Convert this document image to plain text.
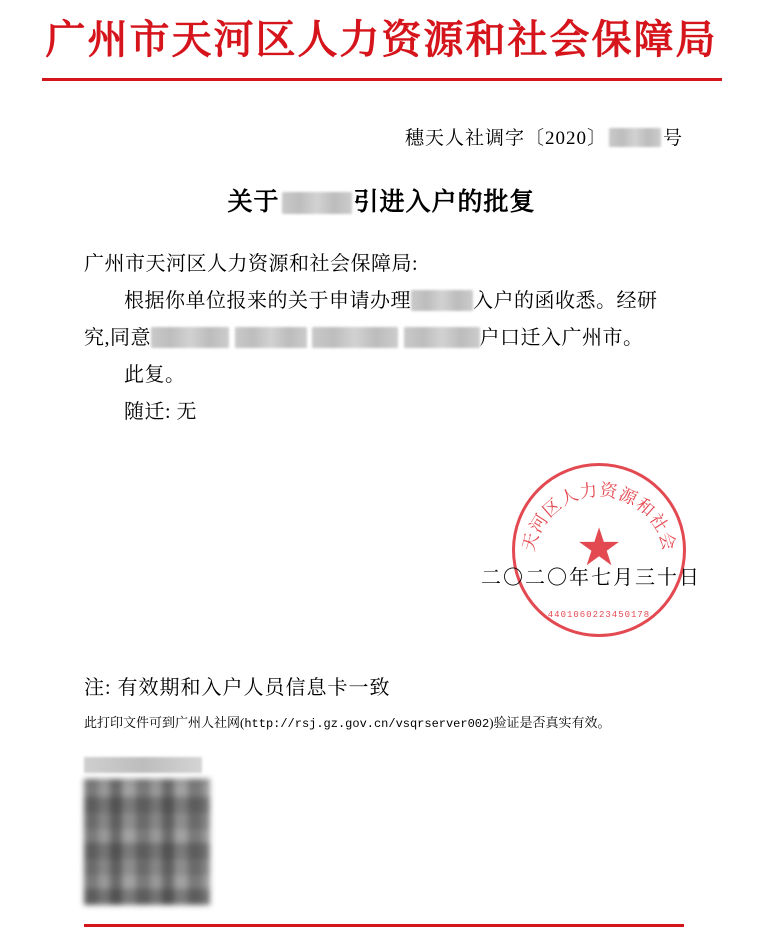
广州市天河区人力资源和社会保障局
穗天人社调字〔2020〕	号
关于	引进入户的批复

广州市天河区人力资源和社会保障局:

根据你单位报来的关于申请办理	入户的函收悉。经研

究,同意	户口迁入广州市。

此复。

随迁: 无

广州市天河区人力资源和社会保障局
★
4401060223450178
二〇二〇年七月三十日
注: 有效期和入户人员信息卡一致
此打印文件可到广州人社网(http://rsj.gz.gov.cn/vsqrserver002)验证是否真实有效。
